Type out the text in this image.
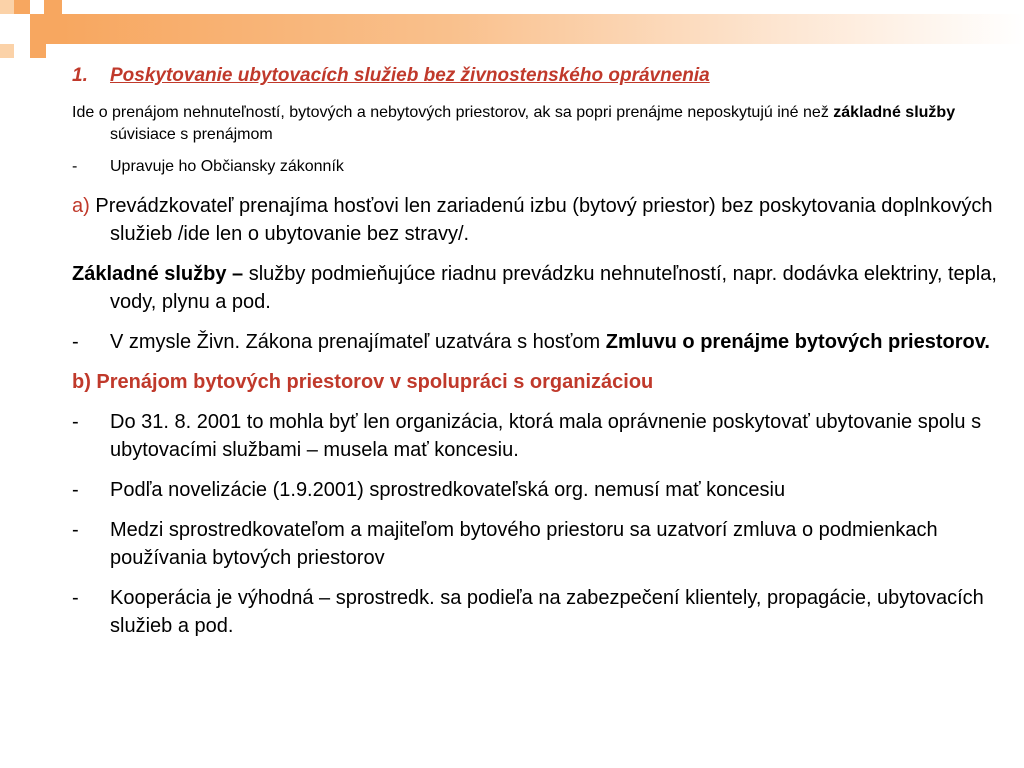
1. Poskytovanie ubytovacích služieb bez živnostenského oprávnenia

Ide o prenájom nehnuteľností, bytových a nebytových priestorov, ak sa popri prenájme neposkytujú iné než základné služby súvisiace s prenájmom

- Upravuje ho Občiansky zákonník

a) Prevádzkovateľ prenajíma hosťovi len zariadenú izbu (bytový priestor) bez poskytovania doplnkových služieb /ide len o ubytovanie bez stravy/.

Základné služby – služby podmieňujúce riadnu prevádzku nehnuteľností, napr. dodávka elektriny, tepla, vody, plynu a pod.

- V zmysle Živn. Zákona prenajímateľ uzatvára s hosťom Zmluvu o prenájme bytových priestorov.

b) Prenájom bytových priestorov v spolupráci s organizáciou

- Do 31. 8. 2001 to mohla byť len organizácia, ktorá mala oprávnenie poskytovať ubytovanie spolu s ubytovacími službami – musela mať koncesiu.

- Podľa novelizácie (1.9.2001) sprostredkovateľská org. nemusí mať koncesiu

- Medzi sprostredkovateľom a majiteľom bytového priestoru sa uzatvorí zmluva o podmienkach používania bytových priestorov

- Kooperácia je výhodná – sprostredk. sa podieľa na zabezpečení klientely, propagácie, ubytovacích služieb a pod.
